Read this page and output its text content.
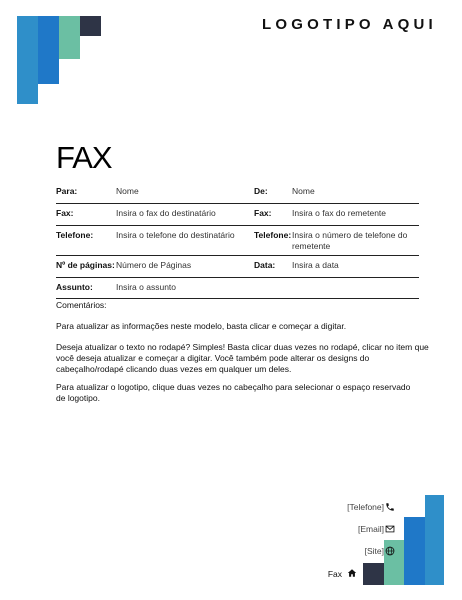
LOGOTIPO AQUI
FAX
Para:	Nome	De:	Nome
Fax:	Insira o fax do destinatário	Fax: Insira o fax do remetente
Telefone:	Insira o telefone do destinatário Telefone: Insira o número de telefone do remetente
Nº de páginas: Número de Páginas	Data: Insira a data
Assunto:	Insira o assunto
Comentários:
Para atualizar as informações neste modelo, basta clicar e começar a digitar.
Deseja atualizar o texto no rodapé? Simples! Basta clicar duas vezes no rodapé, clicar no item que você deseja atualizar e começar a digitar. Você também pode alterar os designs do cabeçalho/rodapé clicando duas vezes em qualquer um deles.
Para atualizar o logotipo, clique duas vezes no cabeçalho para selecionar o espaço reservado de logotipo.
[Telefone]
[Email]
[Site]
Fax
